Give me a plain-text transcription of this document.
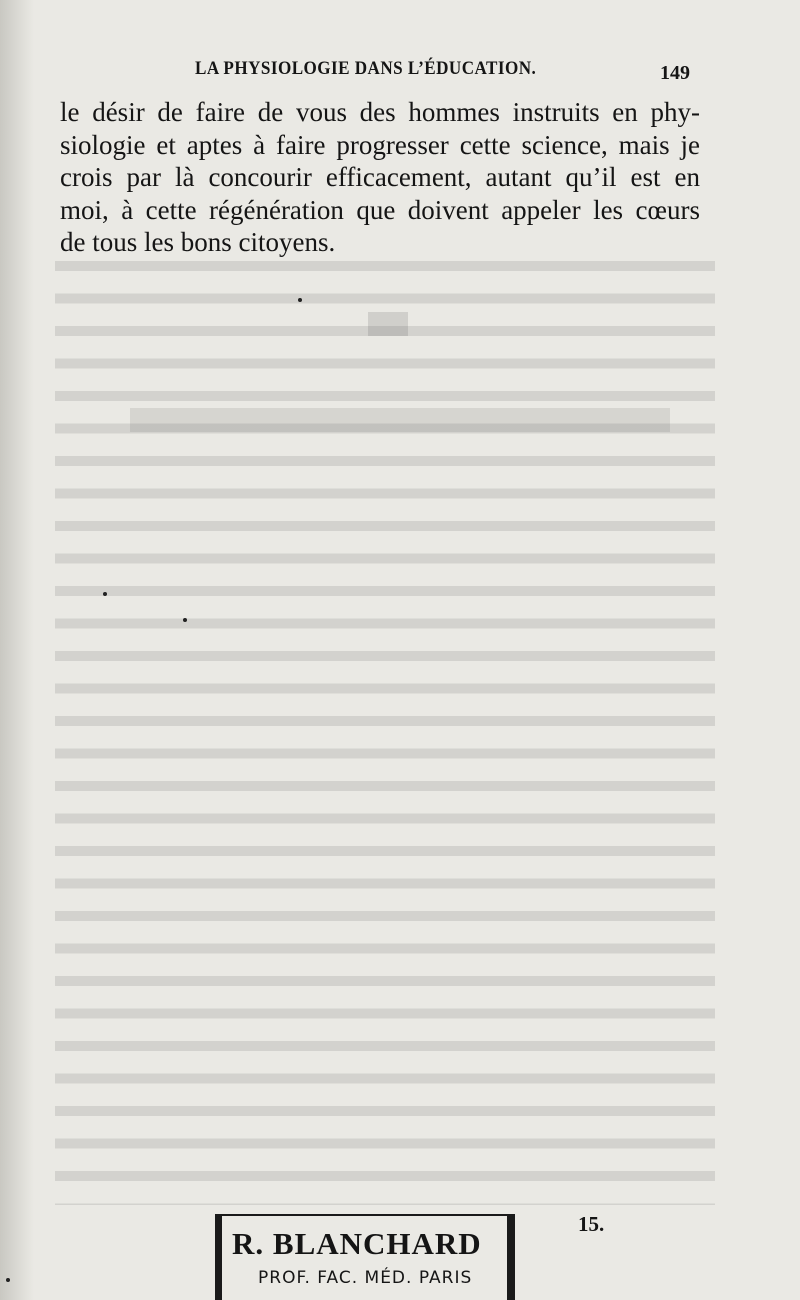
LA PHYSIOLOGIE DANS L’ÉDUCATION.	149
le désir de faire de vous des hommes instruits en phy-
siologie et aptes à faire progresser cette science, mais je
crois par là concourir efficacement, autant qu’il est en
moi, à cette régénération que doivent appeler les cœurs
de tous les bons citoyens.
15.
R. BLANCHARD
PROF. FAC. MÉD. PARIS
